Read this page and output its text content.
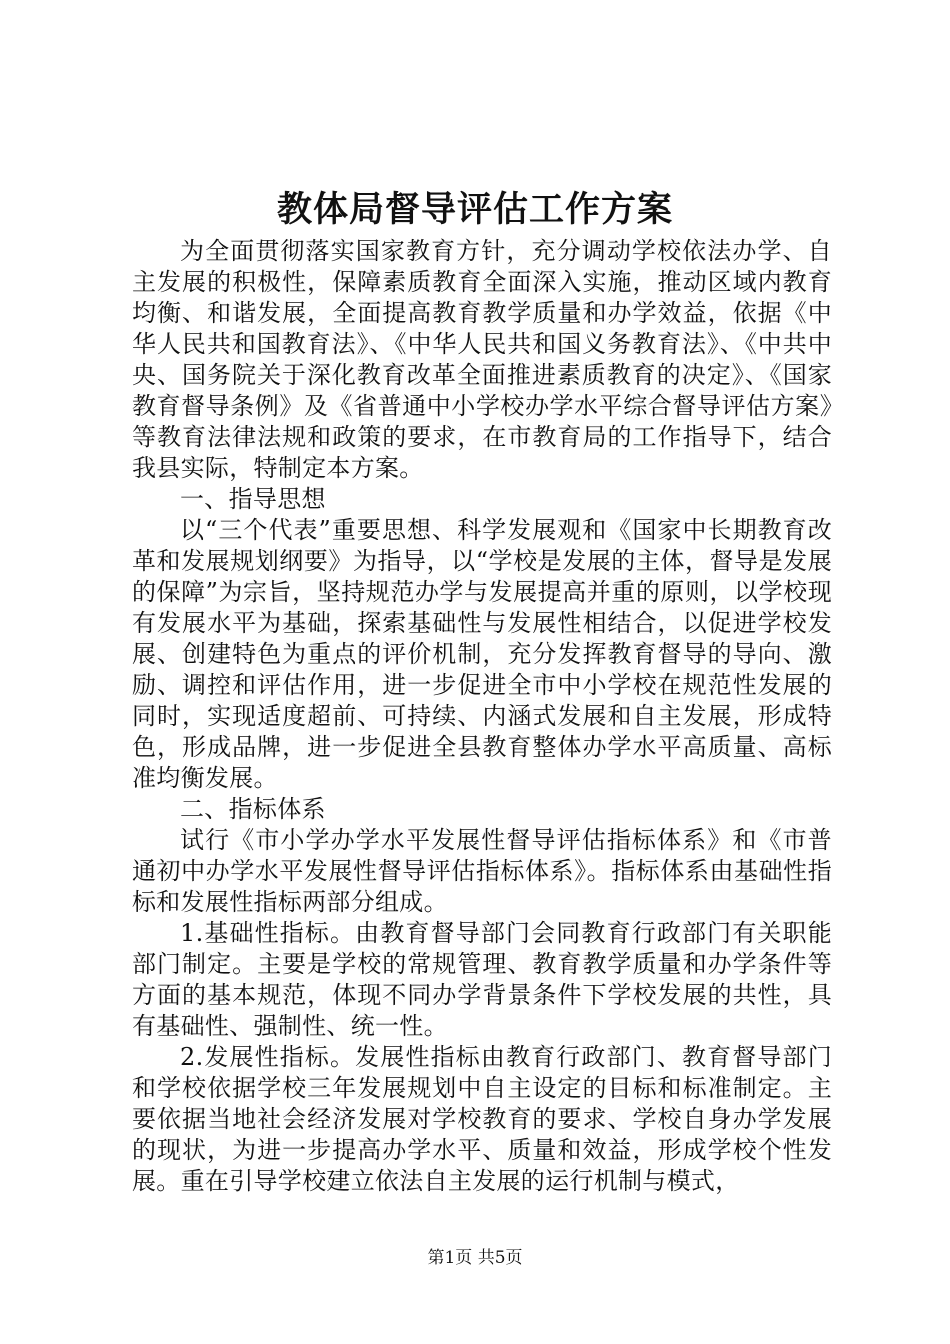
教体局督导评估工作方案

为全面贯彻落实国家教育方针，充分调动学校依法办学、自主发展的积极性，保障素质教育全面深入实施，推动区域内教育均衡、和谐发展，全面提高教育教学质量和办学效益，依据《中华人民共和国教育法》、《中华人民共和国义务教育法》、《中共中央、国务院关于深化教育改革全面推进素质教育的决定》、《国家教育督导条例》及《省普通中小学校办学水平综合督导评估方案》等教育法律法规和政策的要求，在市教育局的工作指导下，结合我县实际，特制定本方案。

一、指导思想

以“三个代表”重要思想、科学发展观和《国家中长期教育改革和发展规划纲要》为指导，以“学校是发展的主体，督导是发展的保障”为宗旨，坚持规范办学与发展提高并重的原则，以学校现有发展水平为基础，探索基础性与发展性相结合，以促进学校发展、创建特色为重点的评价机制，充分发挥教育督导的导向、激励、调控和评估作用，进一步促进全市中小学校在规范性发展的同时，实现适度超前、可持续、内涵式发展和自主发展，形成特色，形成品牌，进一步促进全县教育整体办学水平高质量、高标准均衡发展。

二、指标体系

试行《市小学办学水平发展性督导评估指标体系》和《市普通初中办学水平发展性督导评估指标体系》。指标体系由基础性指标和发展性指标两部分组成。

1.基础性指标。由教育督导部门会同教育行政部门有关职能部门制定。主要是学校的常规管理、教育教学质量和办学条件等方面的基本规范，体现不同办学背景条件下学校发展的共性，具有基础性、强制性、统一性。

2.发展性指标。发展性指标由教育行政部门、教育督导部门和学校依据学校三年发展规划中自主设定的目标和标准制定。主要依据当地社会经济发展对学校教育的要求、学校自身办学发展的现状，为进一步提高办学水平、质量和效益，形成学校个性发展。重在引导学校建立依法自主发展的运行机制与模式，

第1页 共5页
